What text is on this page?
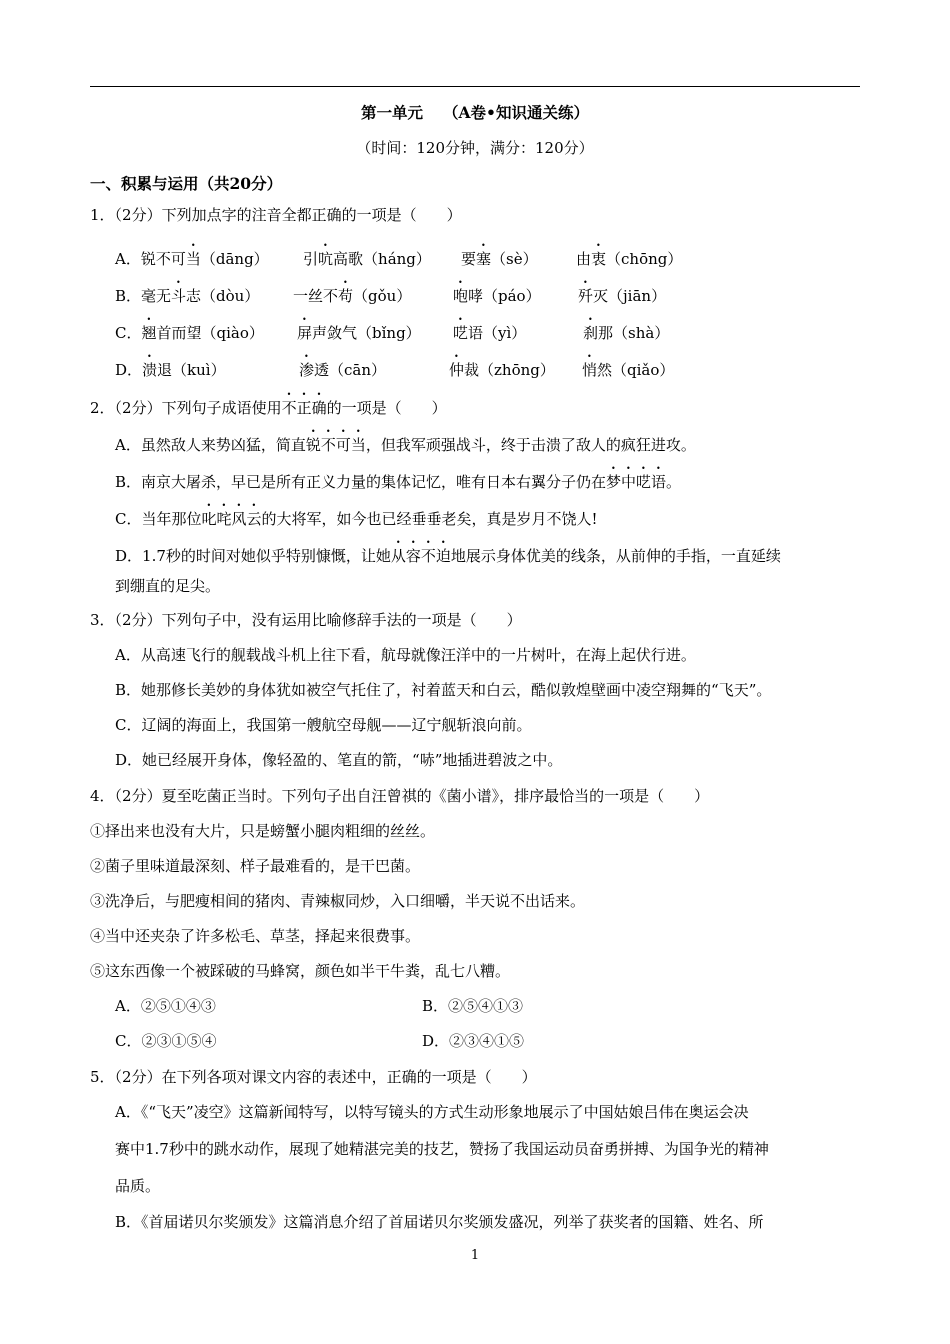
第一单元 （A卷•知识通关练）
（时间：120分钟，满分：120分）
一、积累与运用（共20分）
1．（2分）下列加点字的注音全都正确的一项是（　　）
A．锐不可当（dāng） 引吭高歌（háng） 要塞（sè）	由衷（chōng）
B．毫无斗志（dòu） 一丝不苟（gǒu）	咆哮（páo） 歼灭（jiān）
C．翘首而望（qiào） 屏声敛气（bǐng） 呓语（yì）	刹那（shà）
D．溃退（kuì）	渗透（cān）	仲裁（zhōng） 悄然（qiǎo）
2．（2分）下列句子成语使用不正确的一项是（　　）
A．虽然敌人来势凶猛，简直锐不可当，但我军顽强战斗，终于击溃了敌人的疯狂进攻。
B．南京大屠杀，早已是所有正义力量的集体记忆，唯有日本右翼分子仍在梦中呓语。
C．当年那位叱咤风云的大将军，如今也已经垂垂老矣，真是岁月不饶人!
D．1.7秒的时间对她似乎特别慷慨，让她从容不迫地展示身体优美的线条，从前伸的手指，一直延续
到绷直的足尖。
3．（2分）下列句子中，没有运用比喻修辞手法的一项是（　　）
A．从高速飞行的舰载战斗机上往下看，航母就像汪洋中的一片树叶，在海上起伏行进。
B．她那修长美妙的身体犹如被空气托住了，衬着蓝天和白云，酷似敦煌壁画中凌空翔舞的“飞天”。
C．辽阔的海面上，我国第一艘航空母舰——辽宁舰斩浪向前。
D．她已经展开身体，像轻盈的、笔直的箭，“哧”地插进碧波之中。
4．（2分）夏至吃菌正当时。下列句子出自汪曾祺的《菌小谱》，排序最恰当的一项是（　　）
①择出来也没有大片，只是螃蟹小腿肉粗细的丝丝。
②菌子里味道最深刻、样子最难看的，是干巴菌。
③洗净后，与肥瘦相间的猪肉、青辣椒同炒，入口细嚼，半天说不出话来。
④当中还夹杂了许多松毛、草茎，择起来很费事。
⑤这东西像一个被踩破的马蜂窝，颜色如半干牛粪，乱七八糟。
A．②⑤①④③	B．②⑤④①③
C．②③①⑤④	D．②③④①⑤
5．（2分）在下列各项对课文内容的表述中，正确的一项是（　　）
A．《“飞天”凌空》这篇新闻特写，以特写镜头的方式生动形象地展示了中国姑娘吕伟在奥运会决
赛中1.7秒中的跳水动作，展现了她精湛完美的技艺，赞扬了我国运动员奋勇拼搏、为国争光的精神
品质。
B．《首届诺贝尔奖颁发》这篇消息介绍了首届诺贝尔奖颁发盛况，列举了获奖者的国籍、姓名、所
1
